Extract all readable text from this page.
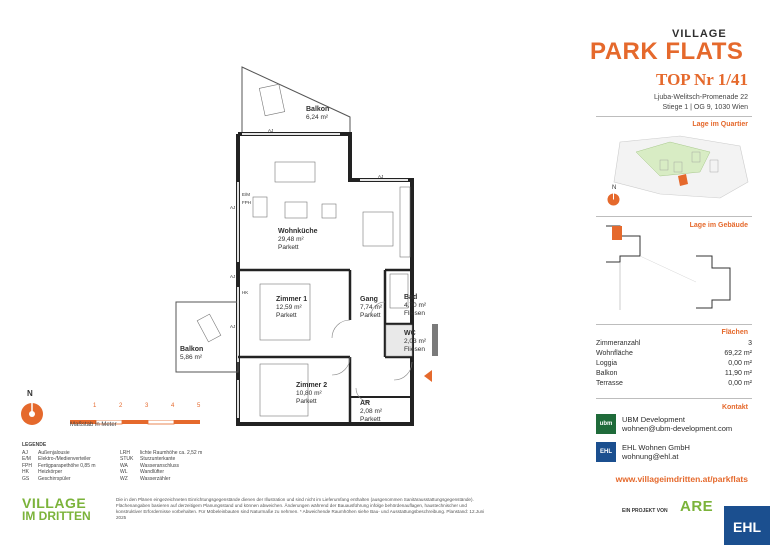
Balkon
6,24 m²
Wohnküche
29,48 m²
Parkett
Zimmer 1
12,59 m²
Parkett
Gang
7,74 m²
Parkett
Bad
4,70 m²
Fliesen
WC
2,03 m²
Fliesen
Balkon
5,86 m²
Zimmer 2
10,80 m²
Parkett	AR
2,08 m²
Parkett
AJ
AJ
AJ
AJ
AJ
E/M
FPH
HK
N
1	2	3	4	5
Maßstab in Meter
LEGENDE
AJ Außenjalousie
E/M Elektro-/Medienverteiler
FPH Fertigparapethöhe 0,85 m
HK Heizkörper
GS Geschirrspüler
LRH lichte Raumhöhe ca. 2,52 m
STUK Sturzunterkante
WA Wasseranschluss
WL	Wandlüfter
WZ Wasserzähler
VILLAGE
IM DRITTEN
Die in den Plänen eingezeichneten Einrichtungsgegenstände dienen der Illustration und sind nicht im Lieferumfang enthalten (ausgenommen Sanitärausstattungsgegenstände). Flächenangaben basieren auf derzeitigem Planungsstand und können abweichen. Änderungen während der Bauausführung infolge behördenauflagen, haustechnischer und konstruktiver Erfordernisse vorbehalten. Für Möbeleinbauten sind Naturmaße zu nehmen. * Abweichende Raumhöhen siehe Bau- und Ausstattungsbeschreibung. Planstand: 12.Juni 2025
EIN PROJEKT VON ARE
EHL
VILLAGE
PARK FLATS
TOP Nr 1/41
Ljuba-Welitsch-Promenade 22
Stiege 1 | OG 9, 1030 Wien
Lage im Quartier
N
Lage im Gebäude
Flächen
Zimmeranzahl	3
Wohnfläche	69,22 m²
Loggia	0,00 m²
Balkon	11,90 m²
Terrasse	0,00 m²
Kontakt
ubm	UBM Development
wohnen@ubm-development.com
EHL	EHL Wohnen GmbH
wohnung@ehl.at
www.villageimdritten.at/parkflats
